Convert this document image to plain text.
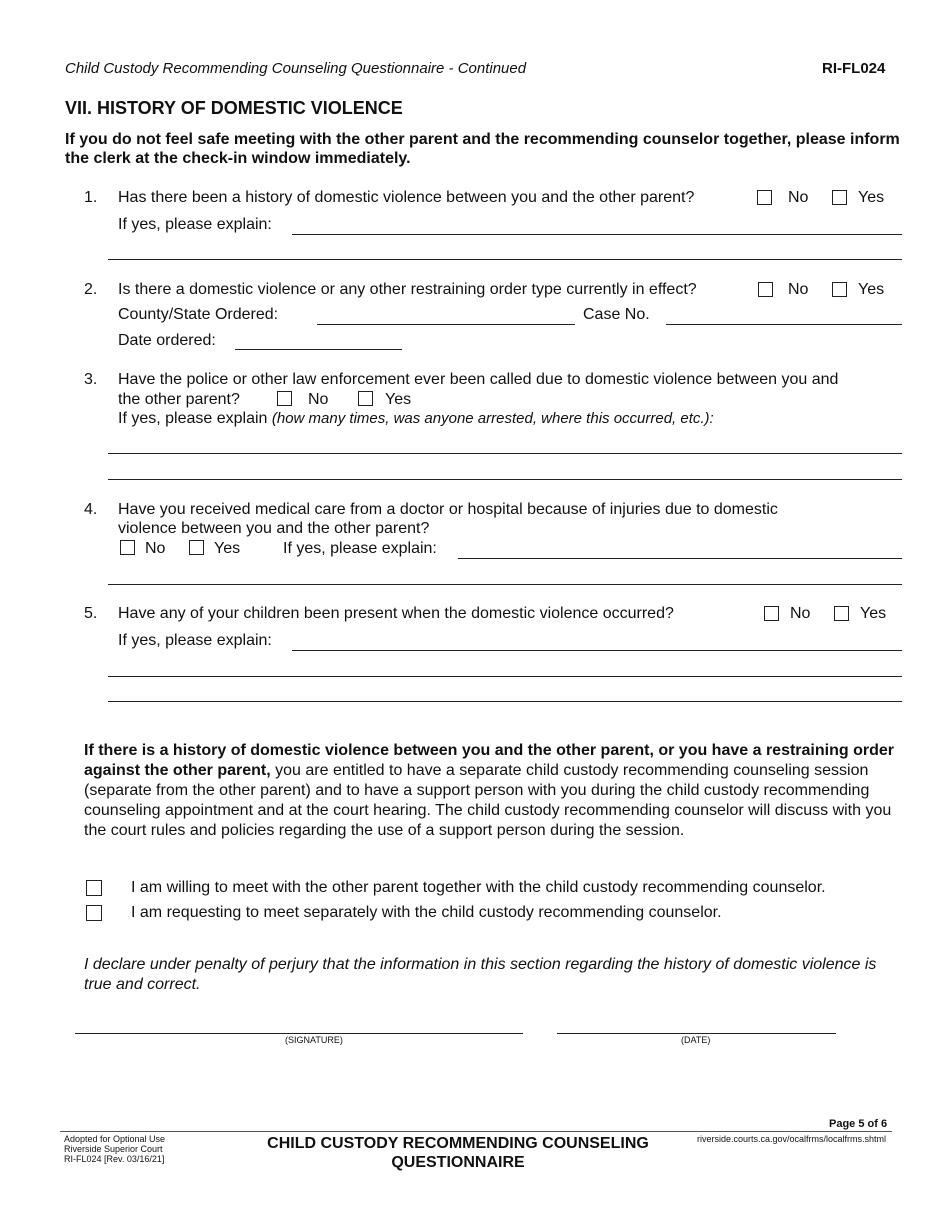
Child Custody Recommending Counseling Questionnaire - Continued	RI-FL024
VII. HISTORY OF DOMESTIC VIOLENCE
If you do not feel safe meeting with the other parent and the recommending counselor together, please inform the clerk at the check-in window immediately.
1. Has there been a history of domestic violence between you and the other parent?	No	Yes
If yes, please explain:
2. Is there a domestic violence or any other restraining order type currently in effect?	No	Yes
County/State Ordered:	Case No.
Date ordered:
3. Have the police or other law enforcement ever been called due to domestic violence between you and
the other parent?	No	Yes
If yes, please explain (how many times, was anyone arrested, where this occurred, etc.):
4. Have you received medical care from a doctor or hospital because of injuries due to domestic
violence between you and the other parent?
No	Yes	If yes, please explain:
5. Have any of your children been present when the domestic violence occurred?	No	Yes
If yes, please explain:
If there is a history of domestic violence between you and the other parent, or you have a restraining order against the other parent, you are entitled to have a separate child custody recommending counseling session (separate from the other parent) and to have a support person with you during the child custody recommending counseling appointment and at the court hearing. The child custody recommending counselor will discuss with you the court rules and policies regarding the use of a support person during the session.
I am willing to meet with the other parent together with the child custody recommending counselor.
I am requesting to meet separately with the child custody recommending counselor.
I declare under penalty of perjury that the information in this section regarding the history of domestic violence is true and correct.
(SIGNATURE)	(DATE)
Page 5 of 6
Adopted for Optional Use
Riverside Superior Court
RI-FL024 [Rev. 03/16/21]
CHILD CUSTODY RECOMMENDING COUNSELING
QUESTIONNAIRE
riverside.courts.ca.gov/ocalfrms/localfrms.shtml
